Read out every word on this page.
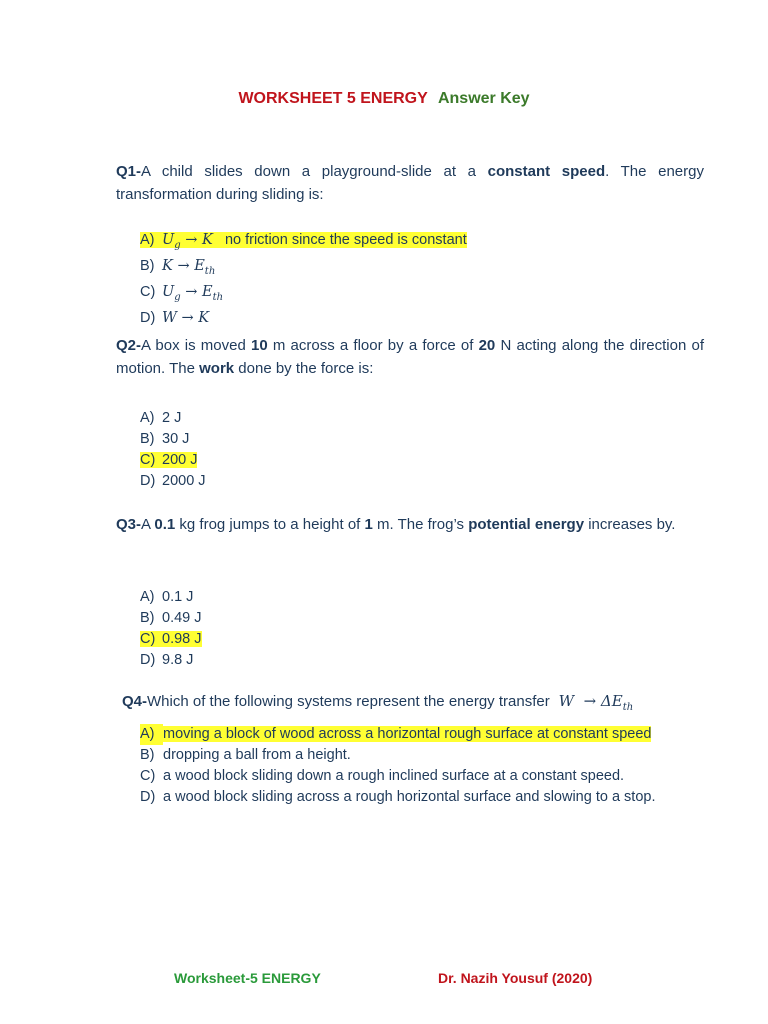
WORKSHEET 5 ENERGY Answer Key
Q1-A child slides down a playground-slide at a constant speed. The energy transformation during sliding is:
A) $U_g \to K$ no friction since the speed is constant
B) $K \to E_{th}$
C) $U_g \to E_{th}$
D) W → K
Q2-A box is moved 10 m across a floor by a force of 20 N acting along the direction of motion. The work done by the force is:
A) 2 J
B) 30 J
C) 200 J
D) 2000 J
Q3-A 0.1 kg frog jumps to a height of 1 m. The frog’s potential energy increases by.
A) 0.1 J
B) 0.49 J
C) 0.98 J
D) 9.8 J
Q4-Which of the following systems represent the energy transfer  $W \to \Delta E_{th}$
A) moving a block of wood across a horizontal rough surface at constant speed
B) dropping a ball from a height.
C) a wood block sliding down a rough inclined surface at a constant speed.
D) a wood block sliding across a rough horizontal surface and slowing to a stop.
Worksheet-5 ENERGY	Dr. Nazih Yousuf (2020)
